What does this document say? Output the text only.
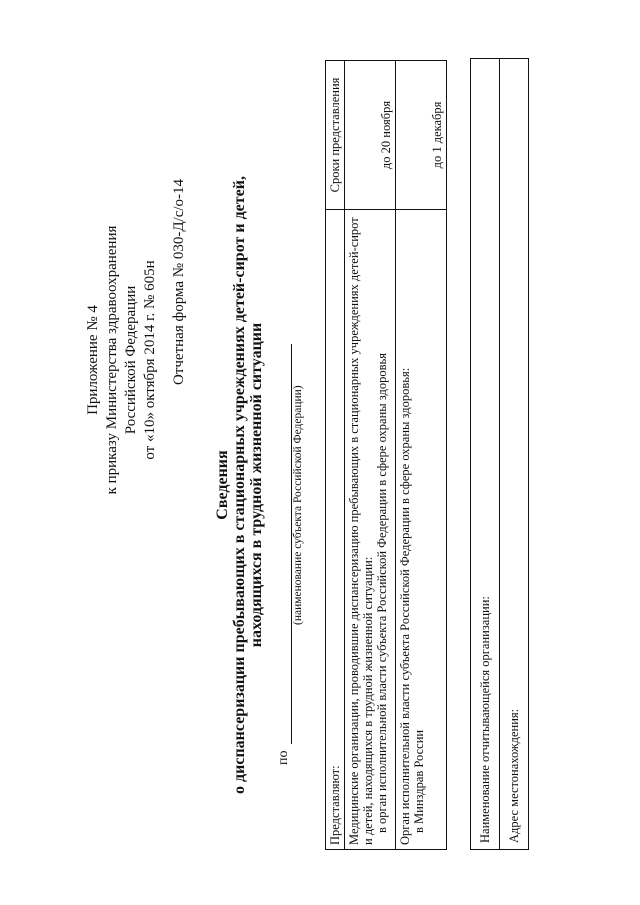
Приложение № 4 к приказу Министерства здравоохранения Российской Федерации от «10» октября 2014 г. № 605н Отчетная форма № 030-Д/с/о-14
Сведения о диспансеризации пребывающих в стационарных учреждениях детей-сирот и детей, находящихся в трудной жизненной ситуации
по
(наименование субъекта Российской Федерации)
Представляют:	Сроки представления
Медицинские организации, проводившие диспансеризацию пребывающих в стационарных учреждениях детей-сирот и детей, находящихся в трудной жизненной ситуации: в орган исполнительной власти субъекта Российской Федерации в сфере охраны здоровья	до 20 ноября

Орган исполнительной власти субъекта Российской Федерации в сфере охраны здоровья: в Минздрав России	до 1 декабря
Наименование отчитывающейся организации:	Адрес местонахождения:
